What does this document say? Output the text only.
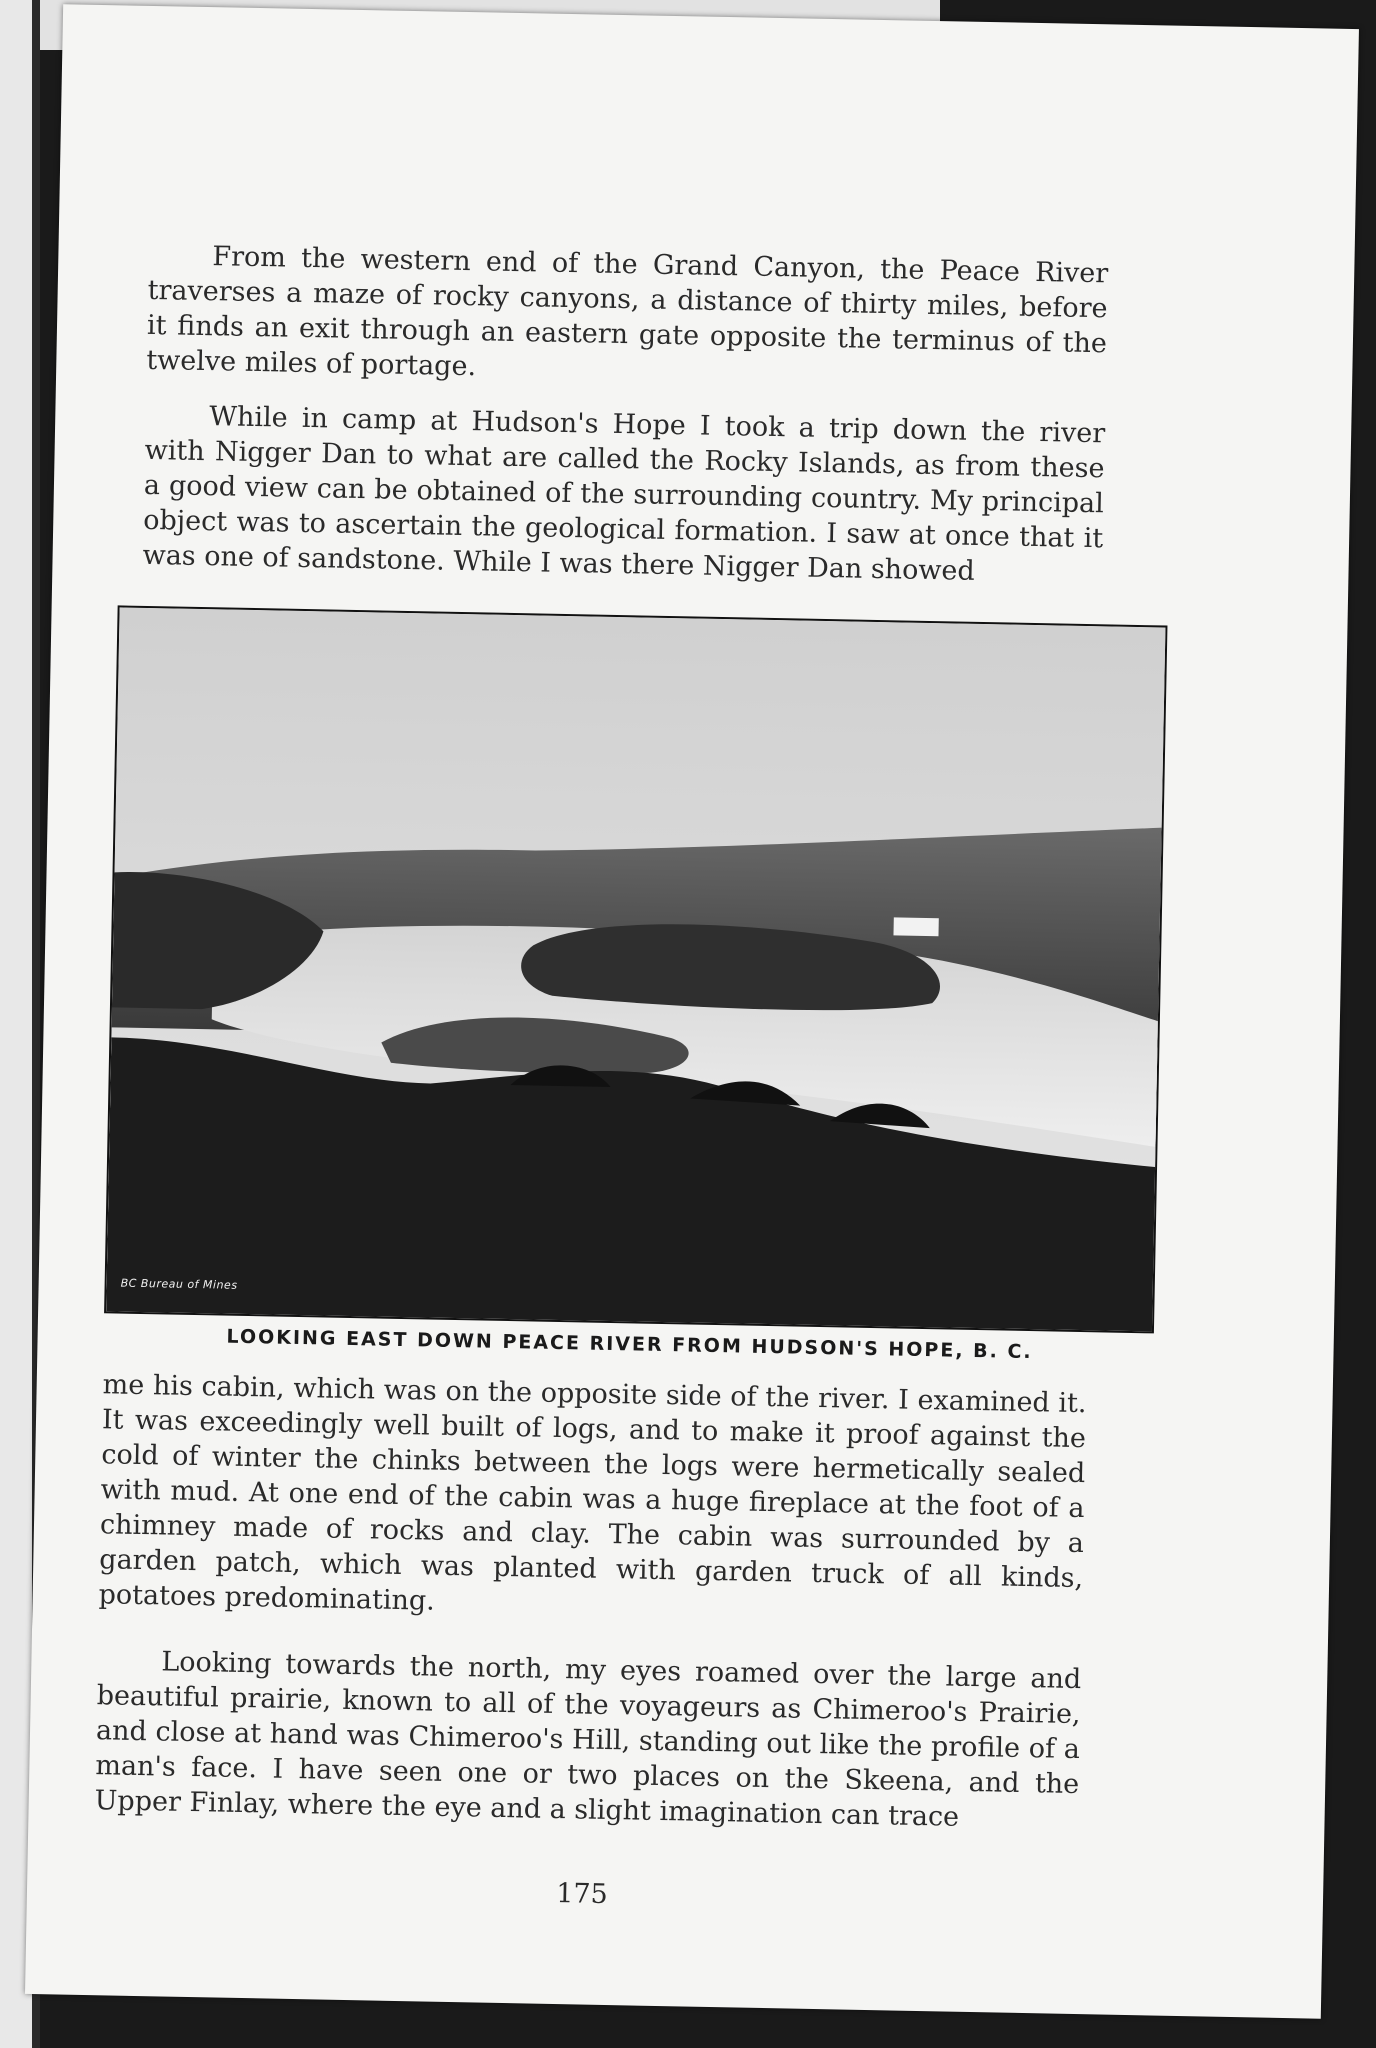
From the western end of the Grand Canyon, the Peace River traverses a maze of rocky canyons, a distance of thirty miles, before it finds an exit through an eastern gate opposite the terminus of the twelve miles of portage.

While in camp at Hudson's Hope I took a trip down the river with Nigger Dan to what are called the Rocky Islands, as from these a good view can be obtained of the surrounding country. My principal object was to ascertain the geological formation. I saw at once that it was one of sandstone. While I was there Nigger Dan showed

BC Bureau of Mines

LOOKING EAST DOWN PEACE RIVER FROM HUDSON'S HOPE, B. C.

me his cabin, which was on the opposite side of the river. I examined it. It was exceedingly well built of logs, and to make it proof against the cold of winter the chinks between the logs were hermetically sealed with mud. At one end of the cabin was a huge fireplace at the foot of a chimney made of rocks and clay. The cabin was surrounded by a garden patch, which was planted with garden truck of all kinds, potatoes predominating.

Looking towards the north, my eyes roamed over the large and beautiful prairie, known to all of the voyageurs as Chimeroo's Prairie, and close at hand was Chimeroo's Hill, standing out like the profile of a man's face. I have seen one or two places on the Skeena, and the Upper Finlay, where the eye and a slight imagination can trace

175
